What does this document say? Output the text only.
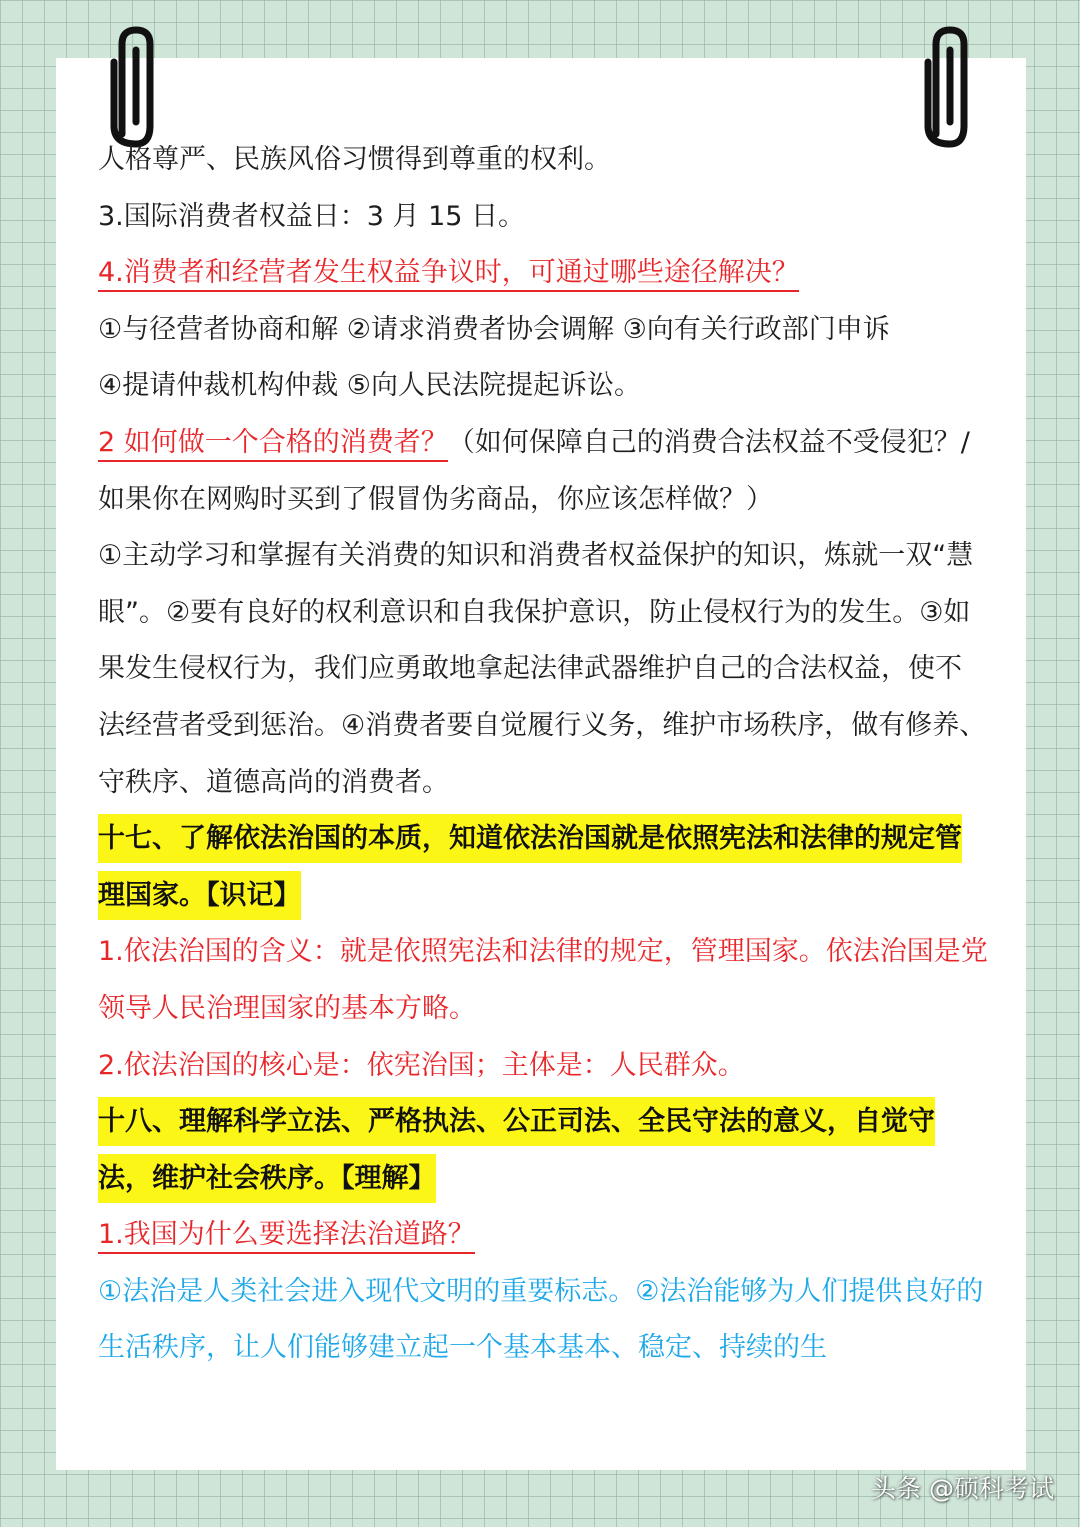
人格尊严、民族风俗习惯得到尊重的权利。

3.国际消费者权益日：3 月 15 日。

4.消费者和经营者发生权益争议时，可通过哪些途径解决？

①与径营者协商和解 ②请求消费者协会调解 ③向有关行政部门申诉

④提请仲裁机构仲裁 ⑤向人民法院提起诉讼。

2 如何做一个合格的消费者？（如何保障自己的消费合法权益不受侵犯？/如果你在网购时买到了假冒伪劣商品，你应该怎样做？）

①主动学习和掌握有关消费的知识和消费者权益保护的知识，炼就一双“慧眼”。②要有良好的权利意识和自我保护意识，防止侵权行为的发生。③如果发生侵权行为，我们应勇敢地拿起法律武器维护自己的合法权益，使不法经营者受到惩治。④消费者要自觉履行义务，维护市场秩序，做有修养、守秩序、道德高尚的消费者。

十七、了解依法治国的本质，知道依法治国就是依照宪法和法律的规定管理国家。【识记】

1.依法治国的含义：就是依照宪法和法律的规定，管理国家。依法治国是党领导人民治理国家的基本方略。

2.依法治国的核心是：依宪治国；主体是：人民群众。

十八、理解科学立法、严格执法、公正司法、全民守法的意义，自觉守法，维护社会秩序。【理解】

1.我国为什么要选择法治道路？

①法治是人类社会进入现代文明的重要标志。②法治能够为人们提供良好的生活秩序，让人们能够建立起一个基本基本、稳定、持续的生

头条 @硕科考试
